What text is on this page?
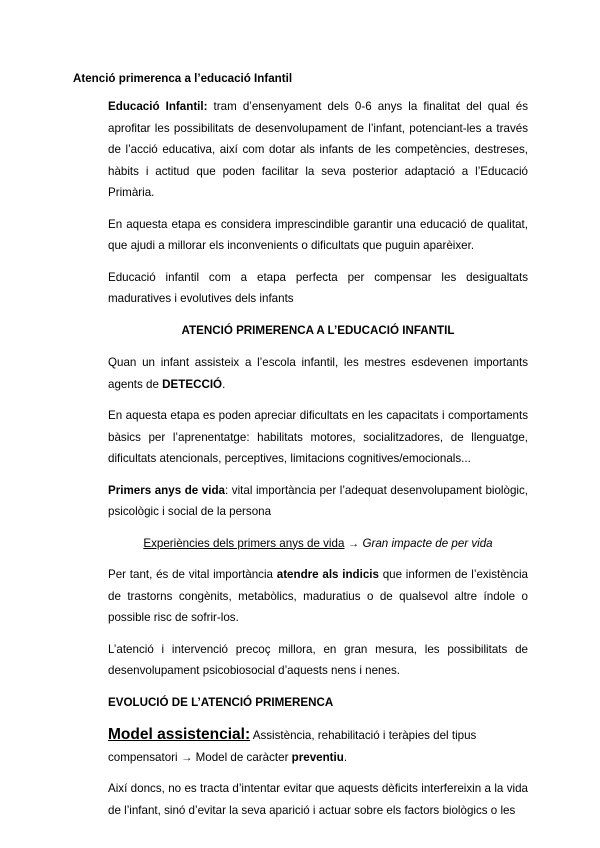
Atenció primerenca a l’educació Infantil

Educació Infantil: tram d’ensenyament dels 0-6 anys la finalitat del qual és aprofitar les possibilitats de desenvolupament de l’infant, potenciant-les a través de l’acció educativa, així com dotar als infants de les competències, destreses, hàbits i actitud que poden facilitar la seva posterior adaptació a l’Educació Primària.

En aquesta etapa es considera imprescindible garantir una educació de qualitat, que ajudi a millorar els inconvenients o dificultats que puguin aparèixer.

Educació infantil com a etapa perfecta per compensar les desigualtats maduratives i evolutives dels infants

ATENCIÓ PRIMERENCA A L’EDUCACIÓ INFANTIL

Quan un infant assisteix a l’escola infantil, les mestres esdevenen importants agents de DETECCIÓ.

En aquesta etapa es poden apreciar dificultats en les capacitats i comportaments bàsics per l’aprenentatge: habilitats motores, socialitzadores, de llenguatge, dificultats atencionals, perceptives, limitacions cognitives/emocionals...

Primers anys de vida: vital importància per l’adequat desenvolupament biològic, psicològic i social de la persona

Experiències dels primers anys de vida → Gran impacte de per vida

Per tant, és de vital importància atendre als indicis que informen de l’existència de trastorns congènits, metabòlics, maduratius o de qualsevol altre índole o possible risc de sofrir-los.

L’atenció i intervenció precoç millora, en gran mesura, les possibilitats de desenvolupament psicobiosocial d’aquests nens i nenes.

EVOLUCIÓ DE L’ATENCIÓ PRIMERENCA

Model assistencial: Assistència, rehabilitació i teràpies del tipus compensatori → Model de caràcter preventiu.

Així doncs, no es tracta d’intentar evitar que aquests dèficits interfereixin a la vida de l’infant, sinó d’evitar la seva aparició i actuar sobre els factors biològics o les
